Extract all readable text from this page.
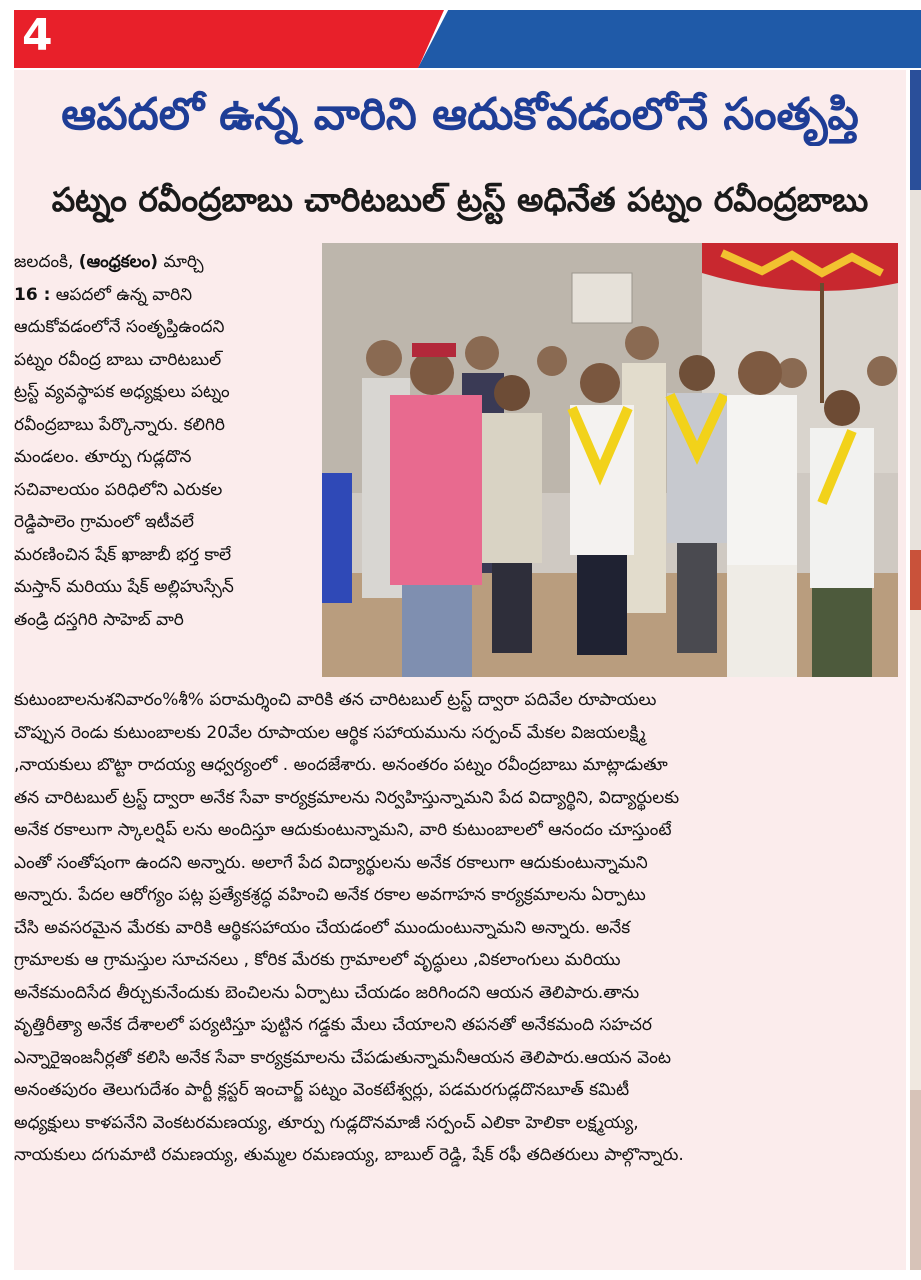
4
ఆపదలో ఉన్న వారిని ఆదుకోవడంలోనే సంతృప్తి
పట్నం రవీంద్రబాబు చారిటబుల్ ట్రస్ట్ అధినేత పట్నం రవీంద్రబాబు
జలదంకి, (ఆంధ్రకలం) మార్చి
16 : ఆపదలో ఉన్న వారిని
ఆదుకోవడంలోనే సంతృప్తిఉందని
పట్నం రవీంద్ర బాబు చారిటబుల్
ట్రస్ట్ వ్యవస్థాపక అధ్యక్షులు పట్నం
రవీంద్రబాబు పేర్కొన్నారు. కలిగిరి
మండలం. తూర్పు గుడ్లదొన
సచివాలయం పరిధిలోని ఎరుకల
రెడ్డిపాలెం గ్రామంలో ఇటీవలే
మరణించిన షేక్ ఖాజాబీ భర్త కాలే
మస్తాన్ మరియు షేక్ అల్లిహుస్సేన్
తండ్రి దస్తగిరి సాహెబ్ వారి
కుటుంబాలనుశనివారం%శీ% పరామర్శించి వారికి తన చారిటబుల్ ట్రస్ట్ ద్వారా పదివేల రూపాయలు
చొప్పున రెండు కుటుంబాలకు 20వేల రూపాయల ఆర్థిక సహాయమును సర్పంచ్ మేకల విజయలక్ష్మి
,నాయకులు బొట్టా రాదయ్య ఆధ్వర్యంలో . అందజేశారు. అనంతరం పట్నం రవీంద్రబాబు మాట్లాడుతూ
తన చారిటబుల్ ట్రస్ట్ ద్వారా అనేక సేవా కార్యక్రమాలను నిర్వహిస్తున్నామని పేద విద్యార్థిని, విద్యార్థులకు
అనేక రకాలుగా స్కాలర్షిప్ లను అందిస్తూ ఆదుకుంటున్నామని, వారి కుటుంబాలలో ఆనందం చూస్తుంటే
ఎంతో సంతోషంగా ఉందని అన్నారు. అలాగే పేద విద్యార్థులను అనేక రకాలుగా ఆదుకుంటున్నామని
అన్నారు. పేదల ఆరోగ్యం పట్ల ప్రత్యేకశ్రద్ధ వహించి అనేక రకాల అవగాహన కార్యక్రమాలను ఏర్పాటు
చేసి అవసరమైన మేరకు వారికి ఆర్థికసహాయం చేయడంలో ముందుంటున్నామని అన్నారు. అనేక
గ్రామాలకు ఆ గ్రామస్తుల సూచనలు , కోరిక మేరకు గ్రామాలలో వృద్ధులు ,వికలాంగులు మరియు
అనేకమందిసేద తీర్చుకునేందుకు బెంచిలను ఏర్పాటు చేయడం జరిగిందని ఆయన తెలిపారు.తాను
వృత్తిరీత్యా అనేక దేశాలలో పర్యటిస్తూ పుట్టిన గడ్డకు మేలు చేయాలని తపనతో అనేకమంది సహచర
ఎన్నారైఇంజనీర్లతో కలిసి అనేక సేవా కార్యక్రమాలను చేపడుతున్నామనీఆయన తెలిపారు.ఆయన వెంట
అనంతపురం తెలుగుదేశం పార్టీ క్లస్టర్ ఇంచార్జ్ పట్నం వెంకటేశ్వర్లు, పడమరగుడ్లదొనబూత్ కమిటీ
అధ్యక్షులు కాళపనేని వెంకటరమణయ్య, తూర్పు గుడ్లదొనమాజీ సర్పంచ్ ఎలికా హెలికా లక్ష్మయ్య,
నాయకులు దగుమాటి రమణయ్య, తుమ్మల రమణయ్య, బాబుల్ రెడ్డి, షేక్ రఫీ తదితరులు పాల్గొన్నారు.
